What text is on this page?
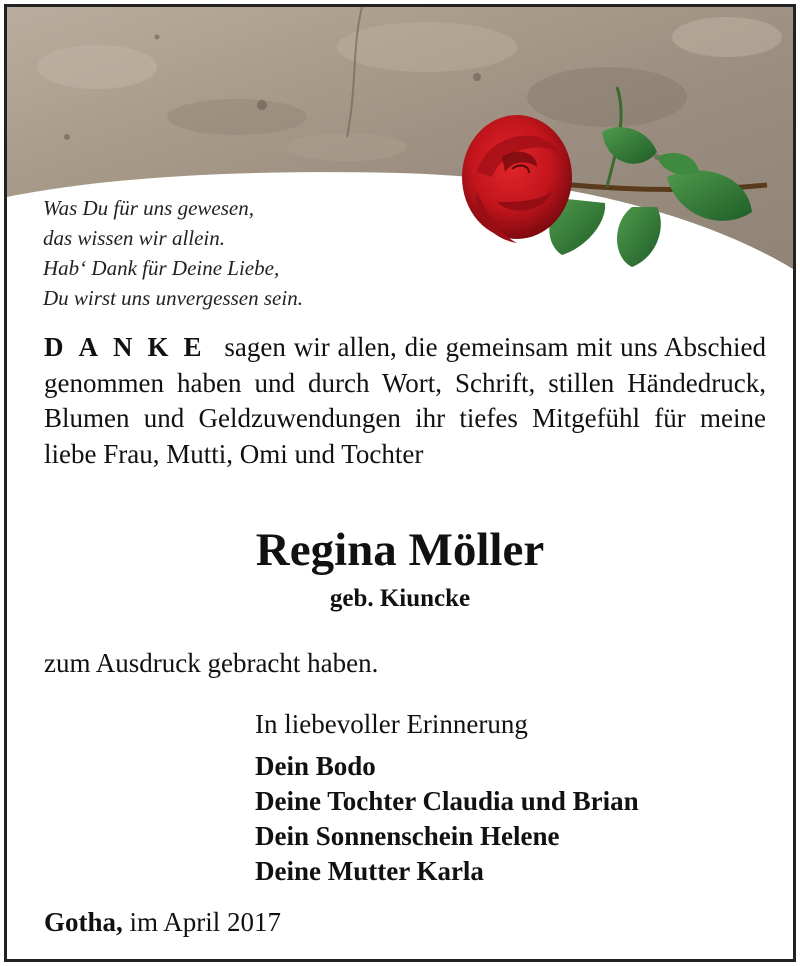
Was Du für uns gewesen,
das wissen wir allein.
Hab‘ Dank für Deine Liebe,
Du wirst uns unvergessen sein.
DANKE sagen wir allen, die gemeinsam mit uns Abschied genommen haben und durch Wort, Schrift, stillen Händedruck, Blumen und Geldzuwendungen ihr tiefes Mitgefühl für meine liebe Frau, Mutti, Omi und Tochter
Regina Möller
geb. Kiuncke
zum Ausdruck gebracht haben.
In liebevoller Erinnerung
Dein Bodo
Deine Tochter Claudia und Brian
Dein Sonnenschein Helene
Deine Mutter Karla
Gotha, im April 2017
